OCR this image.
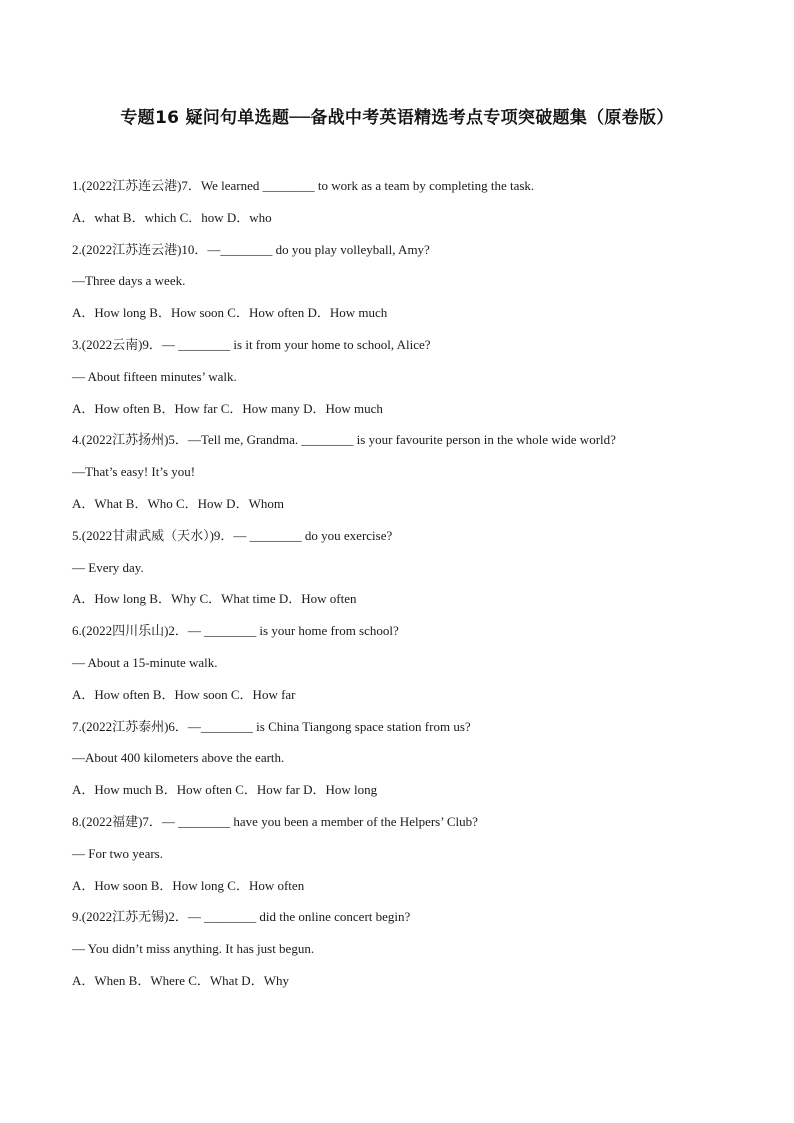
专题16 疑问句单选题──备战中考英语精选考点专项突破题集（原卷版）
1.(2022江苏连云港)7．We learned ________ to work as a team by completing the task.
A．what B．which C．how D．who
2.(2022江苏连云港)10．—________ do you play volleyball, Amy?
—Three days a week.
A．How long B．How soon C．How often D．How much
3.(2022云南)9．— ________ is it from your home to school, Alice?
— About fifteen minutes’ walk.
A．How often B．How far C．How many D．How much
4.(2022江苏扬州)5．—Tell me, Grandma. ________ is your favourite person in the whole wide world?
—That’s easy! It’s you!
A．What B．Who C．How D．Whom
5.(2022甘肃武威（天水）)9．— ________ do you exercise?
— Every day.
A．How long B．Why C．What time D．How often
6.(2022四川乐山)2．— ________ is your home from school?
— About a 15-minute walk.
A．How often B．How soon C．How far
7.(2022江苏泰州)6．—________ is China Tiangong space station from us?
—About 400 kilometers above the earth.
A．How much B．How often C．How far D．How long
8.(2022福建)7．— ________ have you been a member of the Helpers’ Club?
— For two years.
A．How soon B．How long C．How often
9.(2022江苏无锡)2．— ________ did the online concert begin?
— You didn’t miss anything. It has just begun.
A．When B．Where C．What D．Why
